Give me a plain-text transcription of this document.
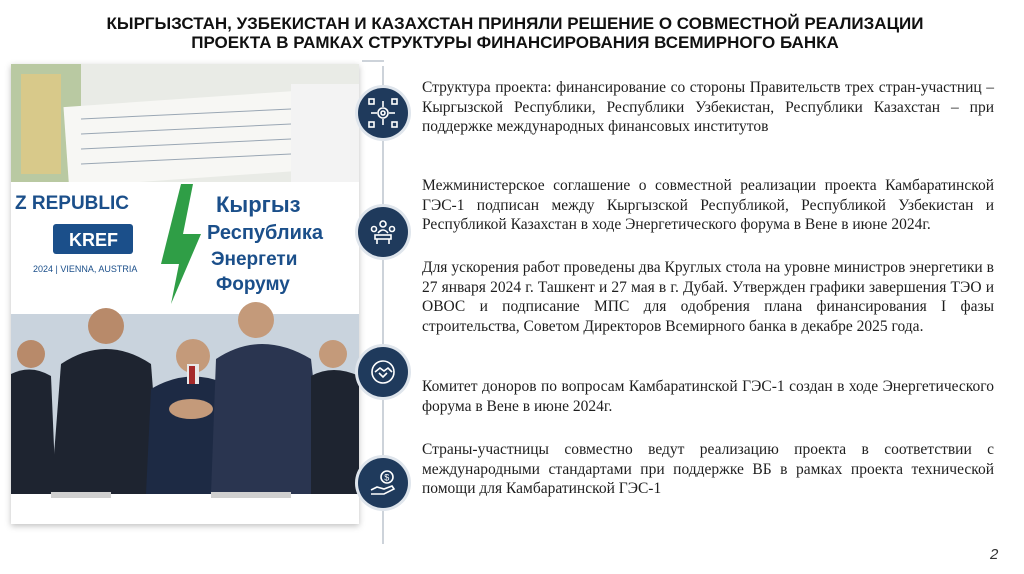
КЫРГЫЗСТАН, УЗБЕКИСТАН И КАЗАХСТАН ПРИНЯЛИ РЕШЕНИЕ О СОВМЕСТНОЙ РЕАЛИЗАЦИИ
ПРОЕКТА В РАМКАХ СТРУКТУРЫ ФИНАНСИРОВАНИЯ ВСЕМИРНОГО БАНКА
Z REPUBLIC
KREF
2024 | VIENNA, AUSTRIA
Кыргыз
Республика
Энергети
Форуму
$
Структура проекта: финансирование со стороны Правительств трех стран-участниц – Кыргызской Республики, Республики Узбекистан, Республики Казахстан – при поддержке международных финансовых институтов
Межминистерское соглашение о совместной реализации проекта Камбаратинской ГЭС-1 подписан между Кыргызской Республикой, Республикой Узбекистан и Республикой Казахстан в ходе Энергетического форума в Вене в июне 2024г.
Для ускорения работ проведены два Круглых стола на уровне министров энергетики в 27 января 2024 г. Ташкент и 27 мая в г. Дубай. Утвержден графики завершения ТЭО и ОВОС и подписание МПС для одобрения плана финансирования I фазы строительства, Советом Директоров Всемирного банка в декабре 2025 года.
Комитет доноров по вопросам Камбаратинской ГЭС-1 создан в ходе Энергетического форума в Вене в июне 2024г.
Страны-участницы совместно ведут реализацию проекта в соответствии с международными стандартами при поддержке ВБ в рамках проекта технической помощи для Камбаратинской ГЭС-1
2
